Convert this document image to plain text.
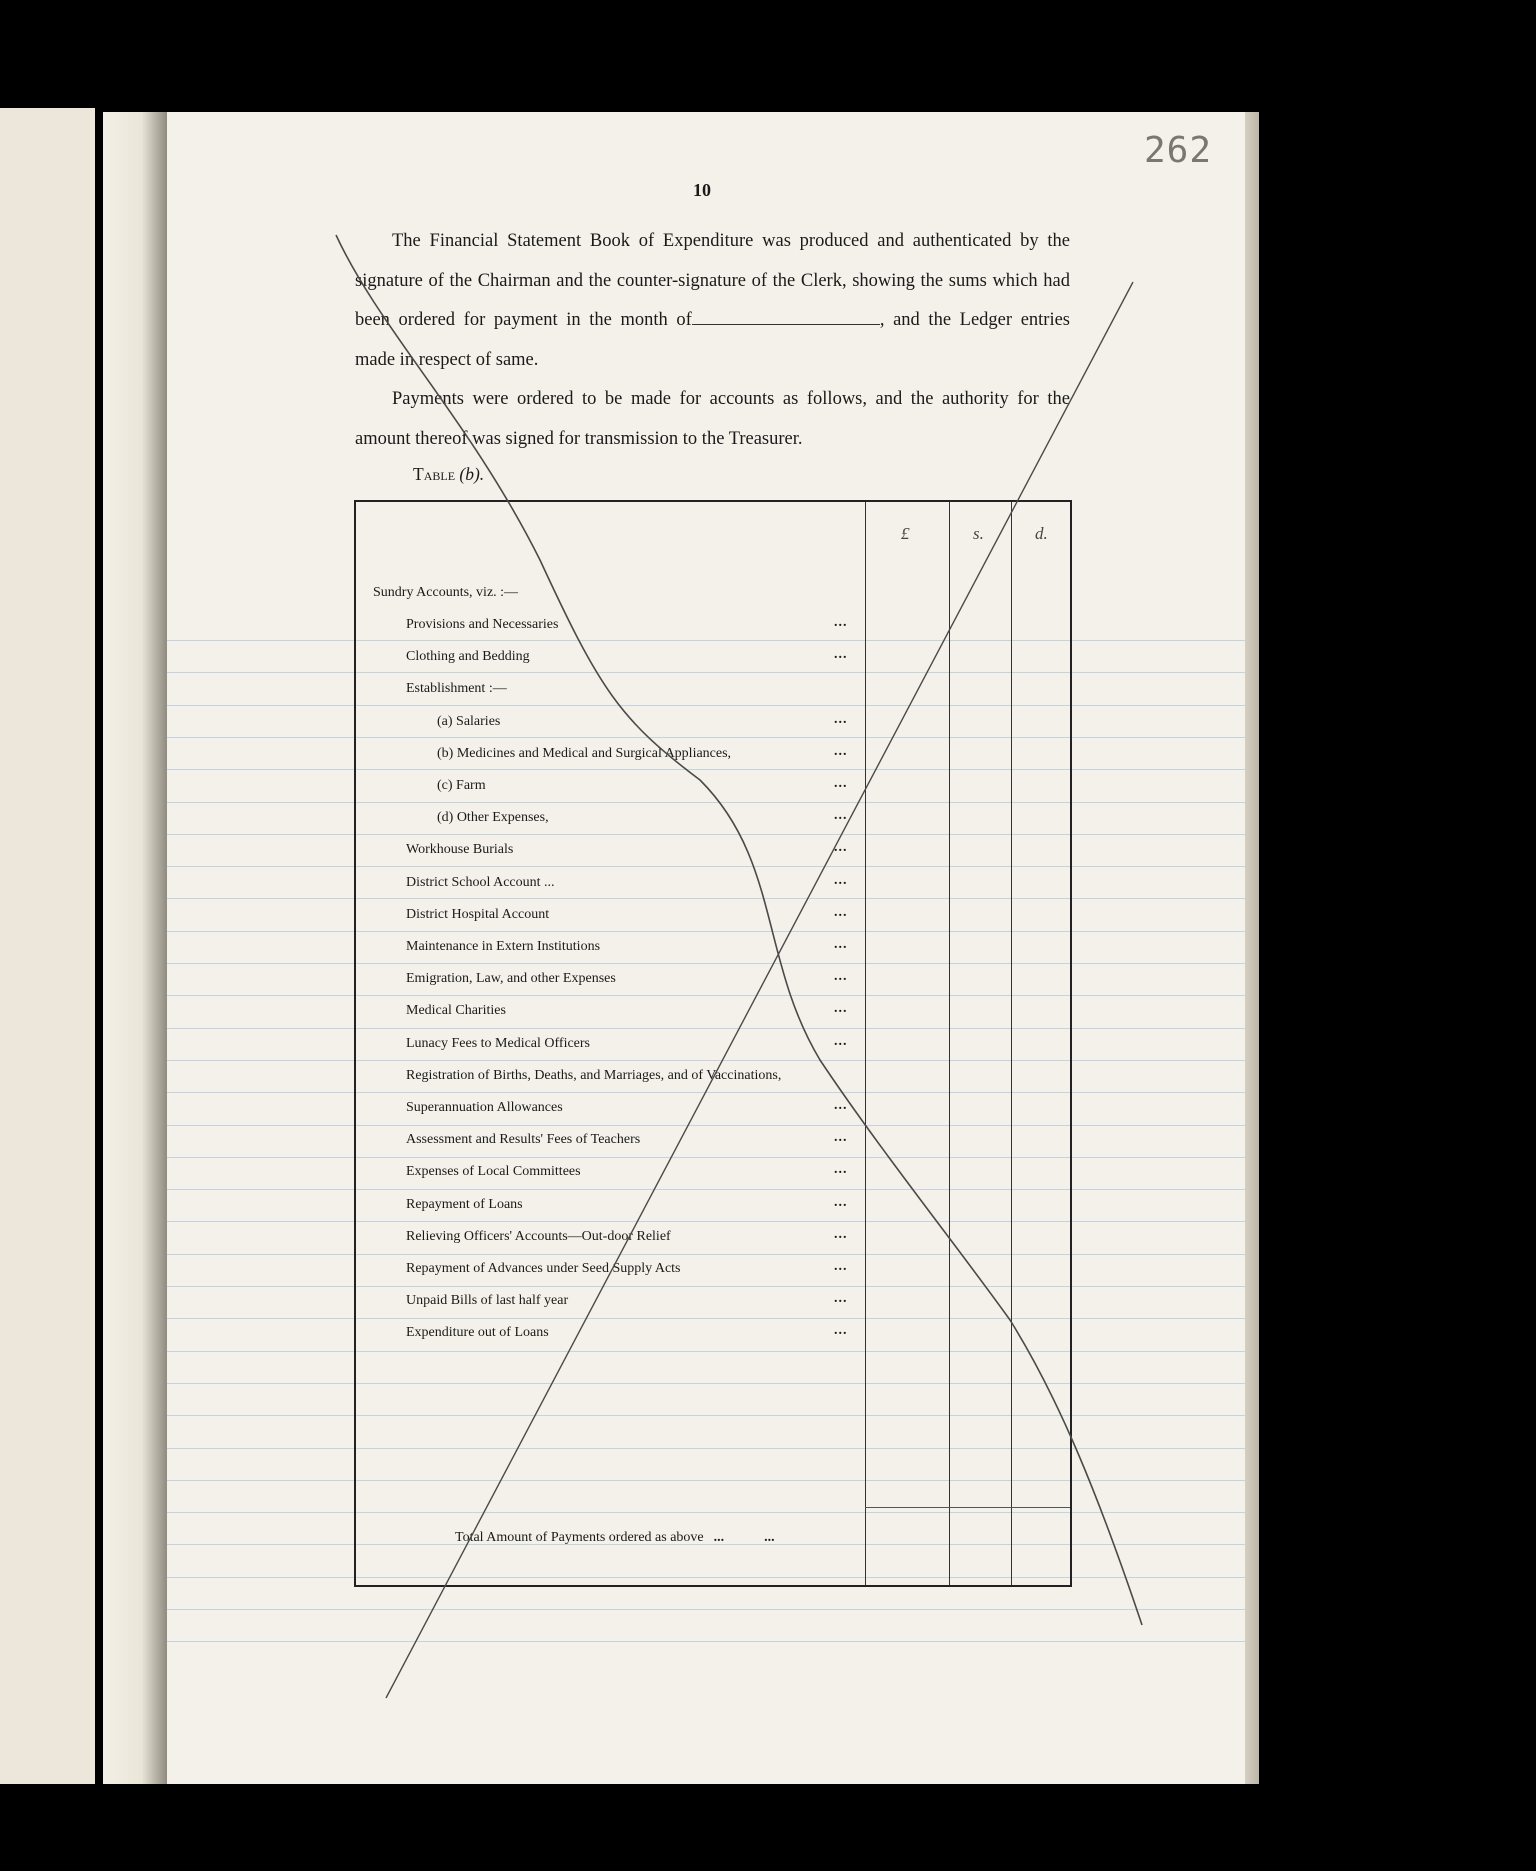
262
10

The Financial Statement Book of Expenditure was produced and authenticated by the signature of the Chairman and the counter-signature of the Clerk, showing the sums which had been ordered for payment in the month of	, and the Ledger entries made in respect of same.

Payments were ordered to be made for accounts as follows, and the authority for the amount thereof was signed for transmission to the Treasurer.

Table (b).
£	s.	d.
Sundry Accounts, viz. :—
Provisions and Necessaries	...
Clothing and Bedding	...
Establishment :—
(a) Salaries	...
(b) Medicines and Medical and Surgical Appliances,	...
(c) Farm	...
(d) Other Expenses,	...
Workhouse Burials	...
District School Account ...	...
District Hospital Account	...
Maintenance in Extern Institutions	...
Emigration, Law, and other Expenses	...
Medical Charities	...
Lunacy Fees to Medical Officers	...
Registration of Births, Deaths, and Marriages, and of Vaccinations,
Superannuation Allowances	...
Assessment and Results' Fees of Teachers	...
Expenses of Local Committees	...
Repayment of Loans	...
Relieving Officers' Accounts—Out-door Relief	...
Repayment of Advances under Seed Supply Acts	...
Unpaid Bills of last half year	...
Expenditure out of Loans	...
Total Amount of Payments ordered as above ...	...
